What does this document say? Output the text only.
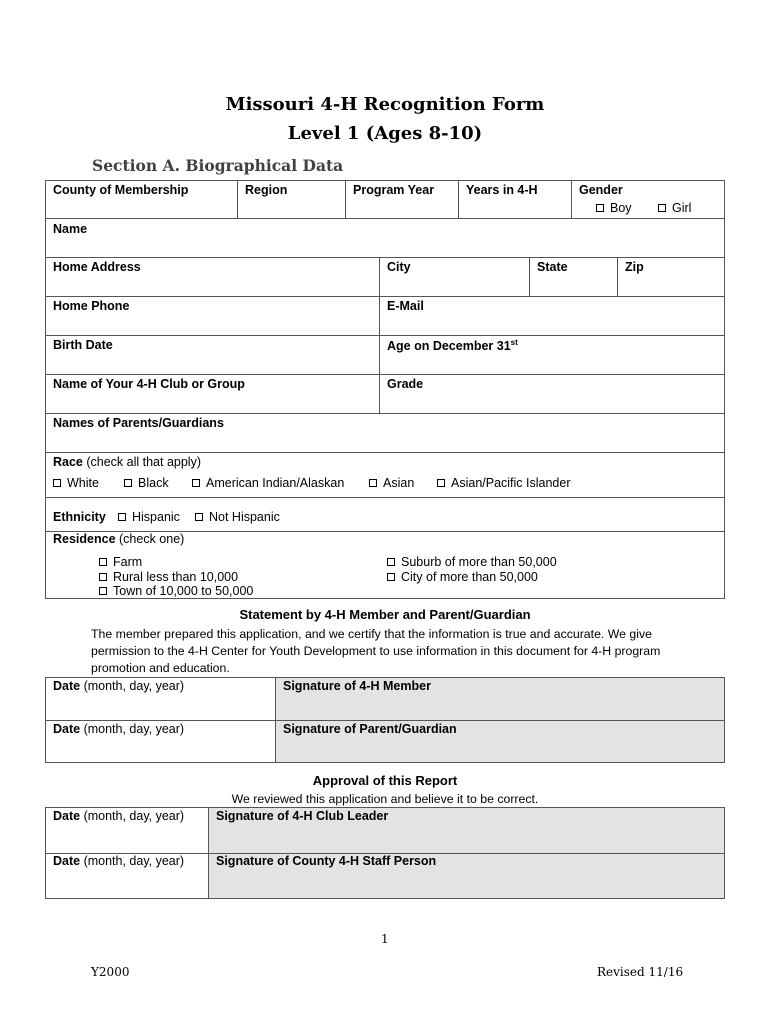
Missouri 4-H Recognition Form
Level 1 (Ages 8-10)
Section A. Biographical Data
County of Membership	Region	Program Year	Years in 4-H	Gender
Boy	Girl
Name
Home Address	City	State	Zip
Home Phone	E-Mail
Birth Date	Age on December 31st
Name of Your 4-H Club or Group	Grade
Names of Parents/Guardians
Race (check all that apply)
White	Black	American Indian/Alaskan	Asian	Asian/Pacific Islander
Ethnicity	Hispanic	Not Hispanic
Residence (check one)
Farm
Rural less than 10,000
Town of 10,000 to 50,000
Suburb of more than 50,000
City of more than 50,000
Statement by 4-H Member and Parent/Guardian
The member prepared this application, and we certify that the information is true and accurate. We give
permission to the 4-H Center for Youth Development to use information in this document for 4-H program
promotion and education.
Date (month, day, year)	Signature of 4-H Member
Date (month, day, year)	Signature of Parent/Guardian
Approval of this Report
We reviewed this application and believe it to be correct.
Date (month, day, year)	Signature of 4-H Club Leader
Date (month, day, year)	Signature of County 4-H Staff Person
1
Y2000	Revised 11/16
